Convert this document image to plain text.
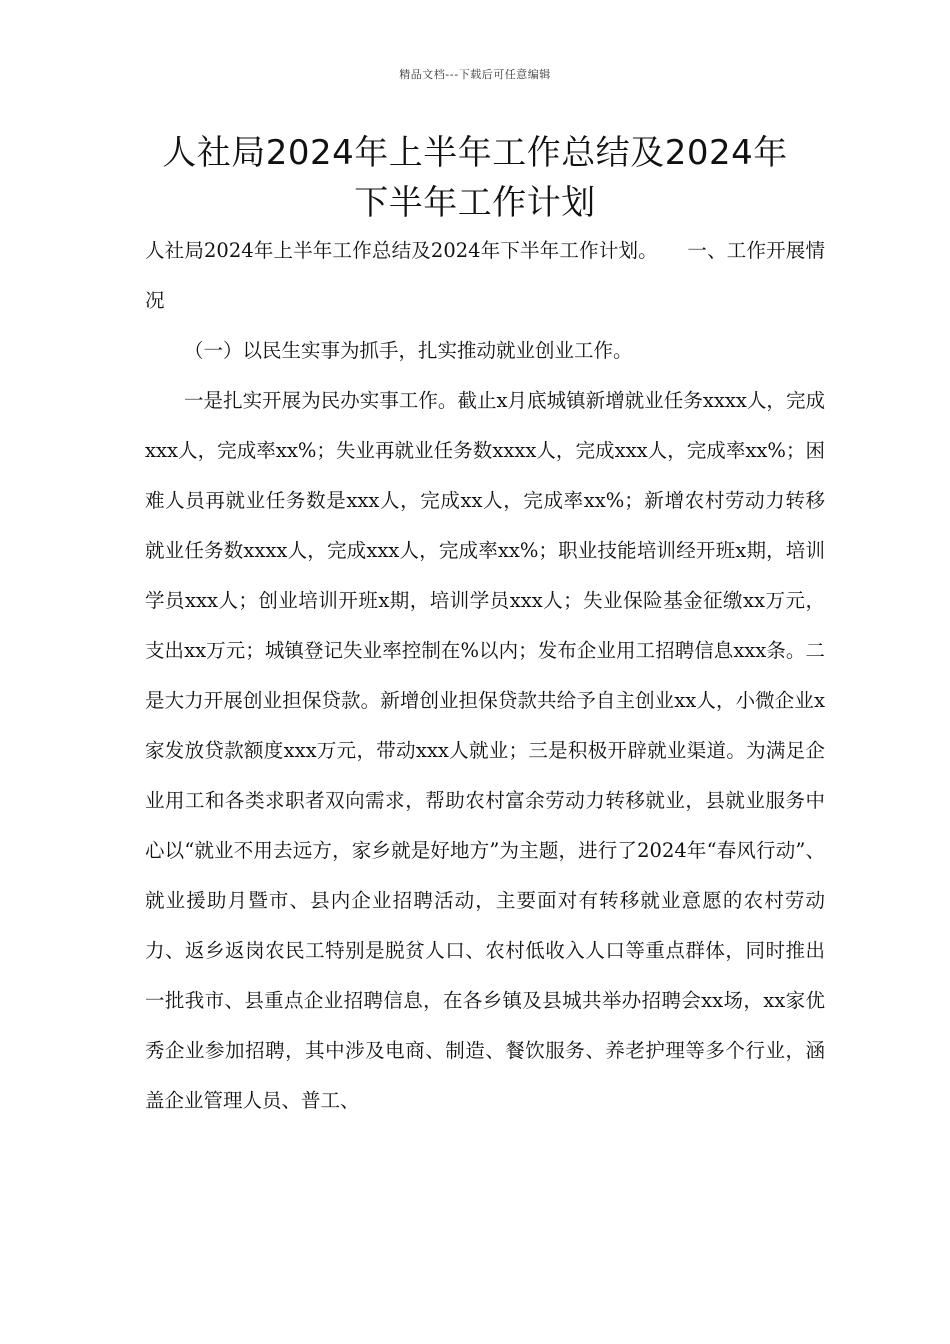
精品文档---下载后可任意编辑
人社局2024年上半年工作总结及2024年下半年工作计划

人社局2024年上半年工作总结及2024年下半年工作计划。　　一、工作开展情况

（一）以民生实事为抓手，扎实推动就业创业工作。

一是扎实开展为民办实事工作。截止x月底城镇新增就业任务xxxx人，完成xxx人，完成率xx%；失业再就业任务数xxxx人，完成xxx人，完成率xx%；困难人员再就业任务数是xxx人，完成xx人，完成率xx%；新增农村劳动力转移就业任务数xxxx人，完成xxx人，完成率xx%；职业技能培训经开班x期，培训学员xxx人；创业培训开班x期，培训学员xxx人；失业保险基金征缴xx万元，支出xx万元；城镇登记失业率控制在%以内；发布企业用工招聘信息xxx条。二是大力开展创业担保贷款。新增创业担保贷款共给予自主创业xx人，小微企业x家发放贷款额度xxx万元，带动xxx人就业；三是积极开辟就业渠道。为满足企业用工和各类求职者双向需求，帮助农村富余劳动力转移就业，县就业服务中心以“就业不用去远方，家乡就是好地方”为主题，进行了2024年“春风行动”、就业援助月暨市、县内企业招聘活动，主要面对有转移就业意愿的农村劳动力、返乡返岗农民工特别是脱贫人口、农村低收入人口等重点群体，同时推出一批我市、县重点企业招聘信息，在各乡镇及县城共举办招聘会xx场，xx家优秀企业参加招聘，其中涉及电商、制造、餐饮服务、养老护理等多个行业，涵盖企业管理人员、普工、
